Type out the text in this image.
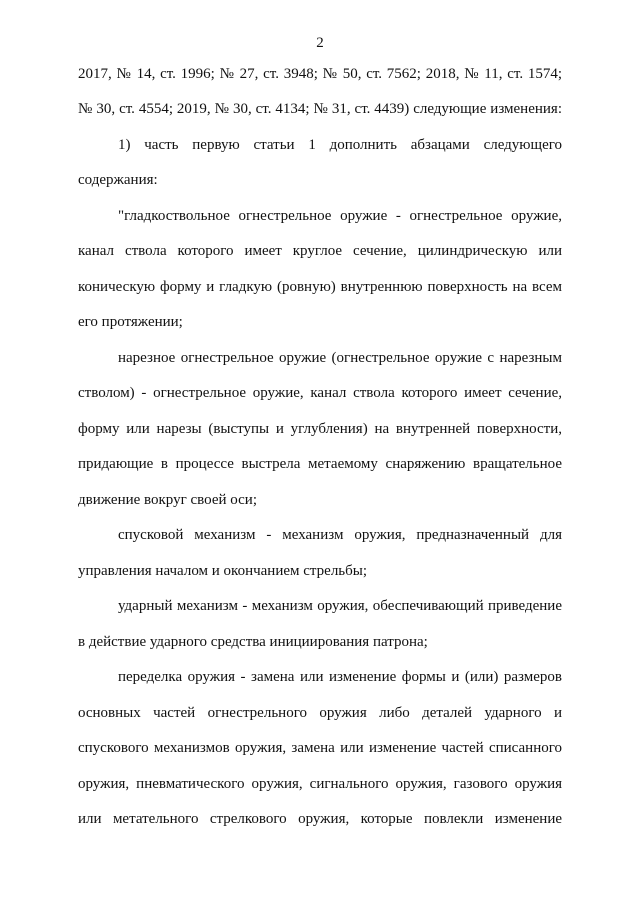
2
2017, № 14, ст. 1996; № 27, ст. 3948; № 50, ст. 7562; 2018, № 11, ст. 1574;
№ 30, ст. 4554; 2019, № 30, ст. 4134; № 31, ст. 4439) следующие изменения:
1) часть первую статьи 1 дополнить абзацами следующего
содержания:
"гладкоствольное огнестрельное оружие - огнестрельное оружие,
канал ствола которого имеет круглое сечение, цилиндрическую или
коническую форму и гладкую (ровную) внутреннюю поверхность на всем
его протяжении;
нарезное огнестрельное оружие (огнестрельное оружие с нарезным
стволом) - огнестрельное оружие, канал ствола которого имеет сечение,
форму или нарезы (выступы и углубления) на внутренней поверхности,
придающие в процессе выстрела метаемому снаряжению вращательное
движение вокруг своей оси;
спусковой механизм - механизм оружия, предназначенный для
управления началом и окончанием стрельбы;
ударный механизм - механизм оружия, обеспечивающий приведение
в действие ударного средства инициирования патрона;
переделка оружия - замена или изменение формы и (или) размеров
основных частей огнестрельного оружия либо деталей ударного и
спускового механизмов оружия, замена или изменение частей списанного
оружия, пневматического оружия, сигнального оружия, газового оружия
или метательного стрелкового оружия, которые повлекли изменение
